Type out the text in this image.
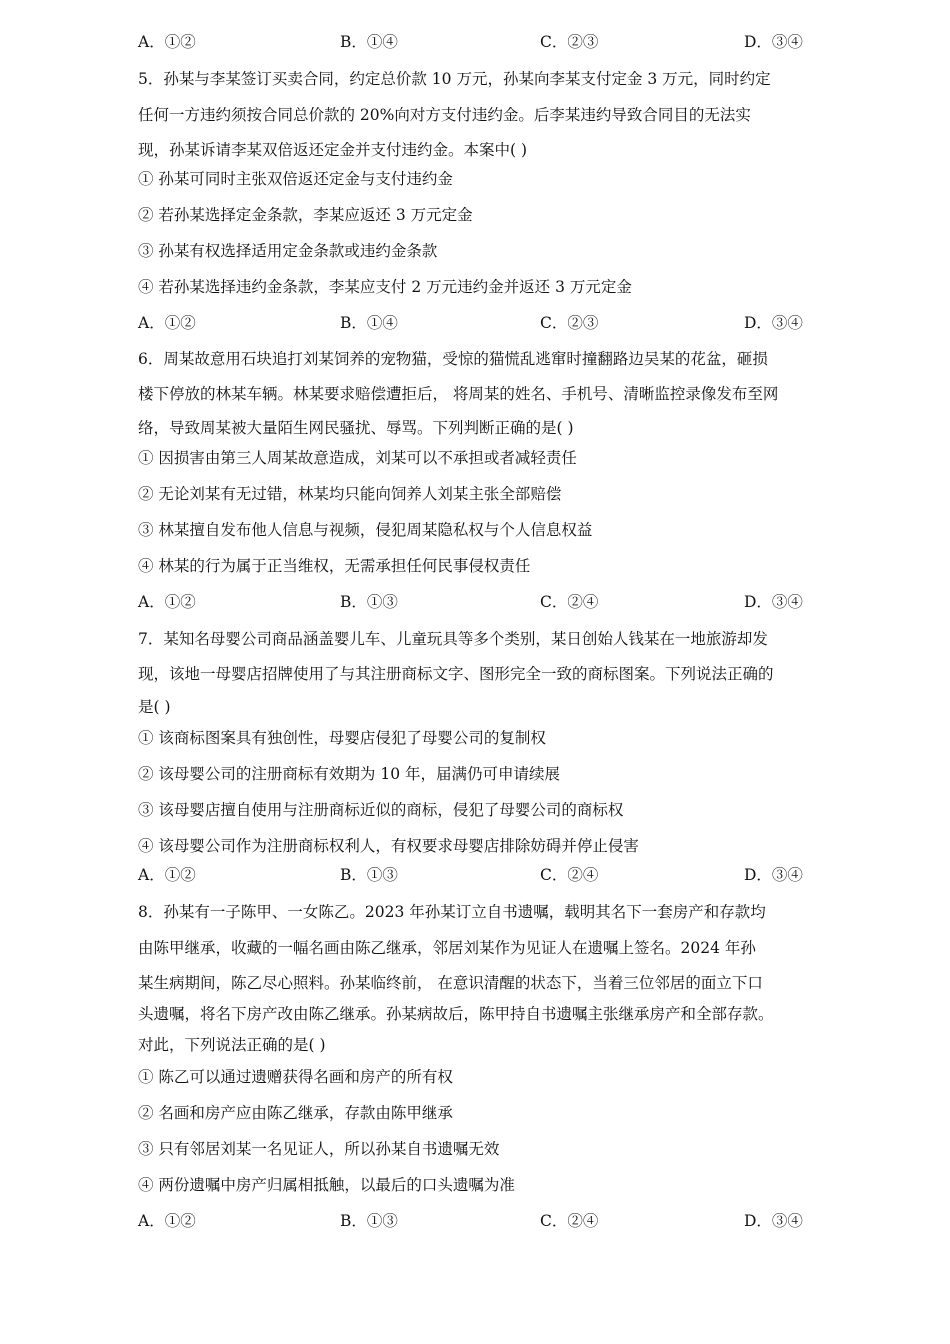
A．①②	B．①④	C．②③	D．③④
5．孙某与李某签订买卖合同，约定总价款 10 万元，孙某向李某支付定金 3 万元，同时约定
任何一方违约须按合同总价款的 20%向对方支付违约金。后李某违约导致合同目的无法实
现，孙某诉请李某双倍返还定金并支付违约金。本案中( )
① 孙某可同时主张双倍返还定金与支付违约金
② 若孙某选择定金条款，李某应返还 3 万元定金
③ 孙某有权选择适用定金条款或违约金条款
④ 若孙某选择违约金条款，李某应支付 2 万元违约金并返还 3 万元定金
A．①②	B．①④	C．②③	D．③④
6．周某故意用石块追打刘某饲养的宠物猫，受惊的猫慌乱逃窜时撞翻路边吴某的花盆，砸损
楼下停放的林某车辆。林某要求赔偿遭拒后， 将周某的姓名、手机号、清晰监控录像发布至网
络，导致周某被大量陌生网民骚扰、辱骂。下列判断正确的是( )
① 因损害由第三人周某故意造成，刘某可以不承担或者减轻责任
② 无论刘某有无过错，林某均只能向饲养人刘某主张全部赔偿
③ 林某擅自发布他人信息与视频，侵犯周某隐私权与个人信息权益
④ 林某的行为属于正当维权，无需承担任何民事侵权责任
A．①②	B．①③	C．②④	D．③④
7．某知名母婴公司商品涵盖婴儿车、儿童玩具等多个类别，某日创始人钱某在一地旅游却发
现，该地一母婴店招牌使用了与其注册商标文字、图形完全一致的商标图案。下列说法正确的
是( )
① 该商标图案具有独创性，母婴店侵犯了母婴公司的复制权
② 该母婴公司的注册商标有效期为 10 年，届满仍可申请续展
③ 该母婴店擅自使用与注册商标近似的商标，侵犯了母婴公司的商标权
④ 该母婴公司作为注册商标权利人，有权要求母婴店排除妨碍并停止侵害
A．①②	B．①③	C．②④	D．③④
8．孙某有一子陈甲、一女陈乙。2023 年孙某订立自书遗嘱，载明其名下一套房产和存款均
由陈甲继承，收藏的一幅名画由陈乙继承，邻居刘某作为见证人在遗嘱上签名。2024 年孙
某生病期间，陈乙尽心照料。孙某临终前， 在意识清醒的状态下，当着三位邻居的面立下口
头遗嘱，将名下房产改由陈乙继承。孙某病故后，陈甲持自书遗嘱主张继承房产和全部存款。
对此，下列说法正确的是( )
① 陈乙可以通过遗赠获得名画和房产的所有权
② 名画和房产应由陈乙继承，存款由陈甲继承
③ 只有邻居刘某一名见证人，所以孙某自书遗嘱无效
④ 两份遗嘱中房产归属相抵触，以最后的口头遗嘱为准
A．①②	B．①③	C．②④	D．③④
